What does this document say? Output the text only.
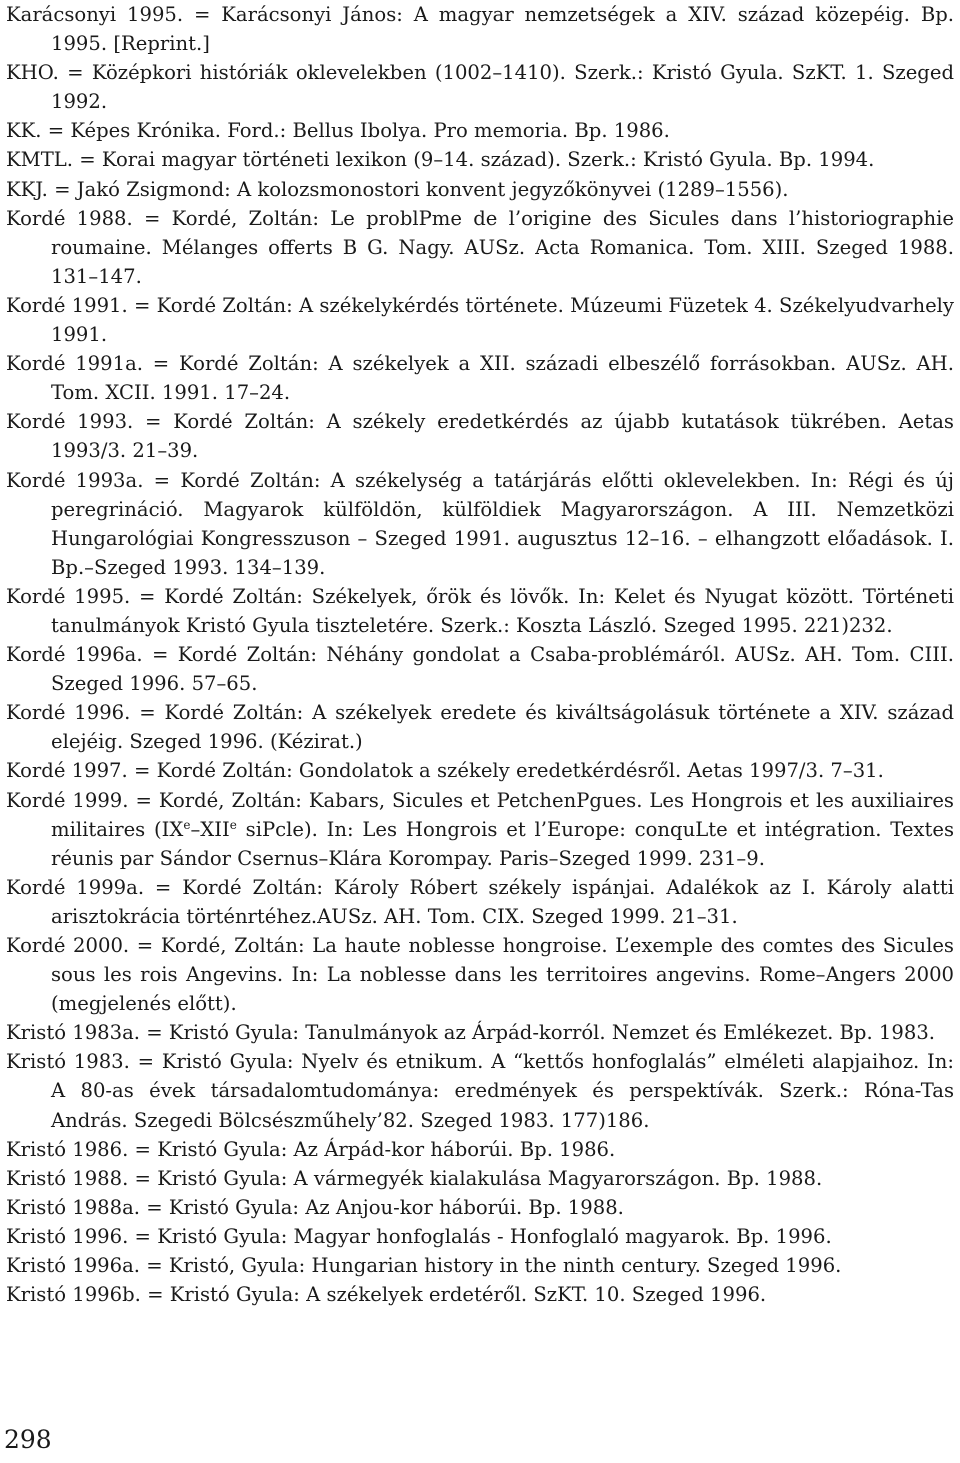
Karácsonyi 1995. = Karácsonyi János: A magyar nemzetségek a XIV. század közepéig. Bp. 1995. [Reprint.]

KHO. = Középkori históriák oklevelekben (1002–1410). Szerk.: Kristó Gyula. SzKT. 1. Szeged 1992.

KK. = Képes Krónika. Ford.: Bellus Ibolya. Pro memoria. Bp. 1986.

KMTL. = Korai magyar történeti lexikon (9–14. század). Szerk.: Kristó Gyula. Bp. 1994.

KKJ. = Jakó Zsigmond: A kolozsmonostori konvent jegyzőkönyvei (1289–1556).

Kordé 1988. = Kordé, Zoltán: Le problPme de l’origine des Sicules dans l’historiographie roumaine. Mélanges offerts B G. Nagy. AUSz. Acta Romanica. Tom. XIII. Szeged 1988. 131–147.

Kordé 1991. = Kordé Zoltán: A székelykérdés története. Múzeumi Füzetek 4. Székelyudvarhely 1991.

Kordé 1991a. = Kordé Zoltán: A székelyek a XII. századi elbeszélő forrásokban. AUSz. AH. Tom. XCII. 1991. 17–24.

Kordé 1993. = Kordé Zoltán: A székely eredetkérdés az újabb kutatások tükrében. Aetas 1993/3. 21–39.

Kordé 1993a. = Kordé Zoltán: A székelység a tatárjárás előtti oklevelekben. In: Régi és új peregrináció. Magyarok külföldön, külföldiek Magyarországon. A III. Nemzetközi Hungarológiai Kongresszuson – Szeged 1991. augusztus 12–16. – elhangzott előadások. I. Bp.–Szeged 1993. 134–139.

Kordé 1995. = Kordé Zoltán: Székelyek, őrök és lövők. In: Kelet és Nyugat között. Történeti tanulmányok Kristó Gyula tiszteletére. Szerk.: Koszta László. Szeged 1995. 221)232.

Kordé 1996a. = Kordé Zoltán: Néhány gondolat a Csaba-problémáról. AUSz. AH. Tom. CIII. Szeged 1996. 57–65.

Kordé 1996. = Kordé Zoltán: A székelyek eredete és kiváltságolásuk története a XIV. század elejéig. Szeged 1996. (Kézirat.)

Kordé 1997. = Kordé Zoltán: Gondolatok a székely eredetkérdésről. Aetas 1997/3. 7–31.

Kordé 1999. = Kordé, Zoltán: Kabars, Sicules et PetchenPgues. Les Hongrois et les auxiliaires militaires (IXe–XIIe siPcle). In: Les Hongrois et l’Europe: conquLte et intégration. Textes réunis par Sándor Csernus–Klára Korompay. Paris–Szeged 1999. 231–9.

Kordé 1999a. = Kordé Zoltán: Károly Róbert székely ispánjai. Adalékok az I. Károly alatti arisztokrácia történrtéhez.AUSz. AH. Tom. CIX. Szeged 1999. 21–31.

Kordé 2000. = Kordé, Zoltán: La haute noblesse hongroise. L’exemple des comtes des Sicules sous les rois Angevins. In: La noblesse dans les territoires angevins. Rome–Angers 2000 (megjelenés előtt).

Kristó 1983a. = Kristó Gyula: Tanulmányok az Árpád-korról. Nemzet és Emlékezet. Bp. 1983.

Kristó 1983. = Kristó Gyula: Nyelv és etnikum. A “kettős honfoglalás” elméleti alapjaihoz. In: A 80-as évek társadalomtudománya: eredmények és perspektívák. Szerk.: Róna-Tas András. Szegedi Bölcsészműhely’82. Szeged 1983. 177)186.

Kristó 1986. = Kristó Gyula: Az Árpád-kor háborúi. Bp. 1986.

Kristó 1988. = Kristó Gyula: A vármegyék kialakulása Magyarországon. Bp. 1988.

Kristó 1988a. = Kristó Gyula: Az Anjou-kor háborúi. Bp. 1988.

Kristó 1996. = Kristó Gyula: Magyar honfoglalás - Honfoglaló magyarok. Bp. 1996.

Kristó 1996a. = Kristó, Gyula: Hungarian history in the ninth century. Szeged 1996.

Kristó 1996b. = Kristó Gyula: A székelyek erdetéről. SzKT. 10. Szeged 1996.

298
